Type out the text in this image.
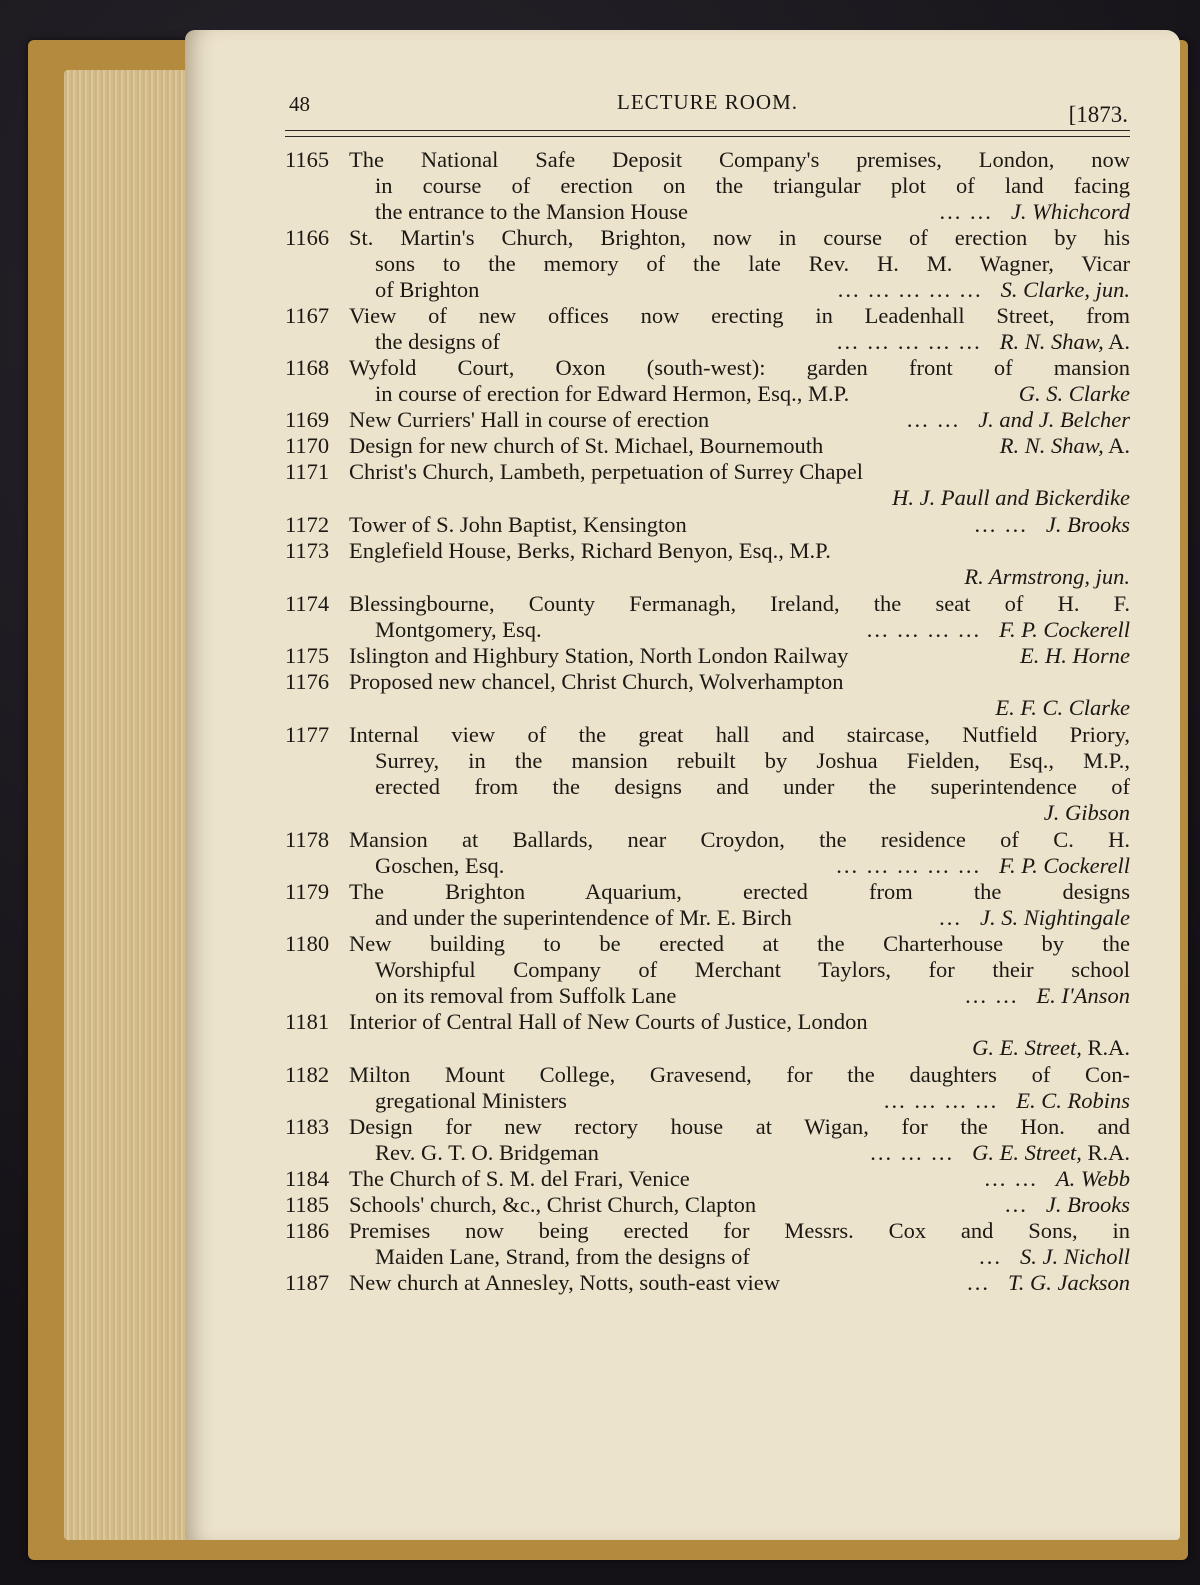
48	LECTURE ROOM.	[1873.
1165 The National Safe Deposit Company's premises, London, now
in course of erection on the triangular plot of land facing
the entrance to the Mansion House	... ... J. Whichcord
1166 St. Martin's Church, Brighton, now in course of erection by his
sons to the memory of the late Rev. H. M. Wagner, Vicar
of Brighton	... ... ... ... ... S. Clarke, jun.
1167 View of new offices now erecting in Leadenhall Street, from
the designs of	... ... ... ... ... R. N. Shaw, A.
1168 Wyfold Court, Oxon (south-west): garden front of mansion
in course of erection for Edward Hermon, Esq., M.P.	G. S. Clarke
1169 New Curriers' Hall in course of erection	... ... J. and J. Belcher
1170 Design for new church of St. Michael, Bournemouth	R. N. Shaw, A.
1171 Christ's Church, Lambeth, perpetuation of Surrey Chapel
H. J. Paull and Bickerdike
1172 Tower of S. John Baptist, Kensington	... ... J. Brooks
1173 Englefield House, Berks, Richard Benyon, Esq., M.P.
R. Armstrong, jun.
1174 Blessingbourne, County Fermanagh, Ireland, the seat of H. F.
Montgomery, Esq.	... ... ... ... F. P. Cockerell
1175 Islington and Highbury Station, North London Railway	E. H. Horne
1176 Proposed new chancel, Christ Church, Wolverhampton
E. F. C. Clarke
1177 Internal view of the great hall and staircase, Nutfield Priory,
Surrey, in the mansion rebuilt by Joshua Fielden, Esq., M.P.,
erected from the designs and under the superintendence of
J. Gibson
1178 Mansion at Ballards, near Croydon, the residence of C. H.
Goschen, Esq.	... ... ... ... ... F. P. Cockerell
1179 The Brighton Aquarium, erected from the designs
and under the superintendence of Mr. E. Birch	... J. S. Nightingale
1180 New building to be erected at the Charterhouse by the
Worshipful Company of Merchant Taylors, for their school
on its removal from Suffolk Lane	... ... E. I'Anson
1181 Interior of Central Hall of New Courts of Justice, London
G. E. Street, R.A.
1182 Milton Mount College, Gravesend, for the daughters of Con-
gregational Ministers	... ... ... ... E. C. Robins
1183 Design for new rectory house at Wigan, for the Hon. and
Rev. G. T. O. Bridgeman	... ... ... G. E. Street, R.A.
1184 The Church of S. M. del Frari, Venice	... ... A. Webb
1185 Schools' church, &c., Christ Church, Clapton	... J. Brooks
1186 Premises now being erected for Messrs. Cox and Sons, in
Maiden Lane, Strand, from the designs of	... S. J. Nicholl
1187 New church at Annesley, Notts, south-east view	... T. G. Jackson
